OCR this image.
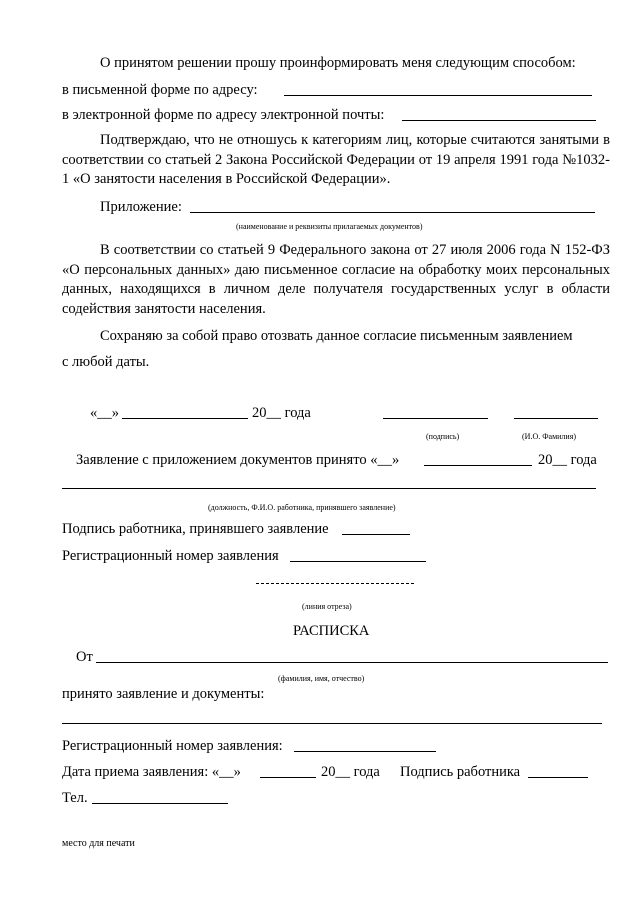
О принятом решении прошу проинформировать меня следующим способом:
в письменной форме по адресу:
в электронной форме по адресу электронной почты:
Подтверждаю, что не отношусь к категориям лиц, которые считаются занятыми в соответствии со статьей 2 Закона Российской Федерации от 19 апреля 1991 года №1032-1 «О занятости населения в Российской Федерации».
Приложение:
(наименование и реквизиты прилагаемых документов)
В соответствии со статьей 9 Федерального закона от 27 июля 2006 года N 152-ФЗ «О персональных данных» даю письменное согласие на обработку моих персональных данных, находящихся в личном деле получателя государственных услуг в области содействия занятости населения.
Сохраняю за собой право отозвать данное согласие письменным заявлением
с любой даты.
«__»	20__ года
(подпись)	(И.О. Фамилия)
Заявление с приложением документов принято «__»	20__ года
(должность, Ф.И.О. работника, принявшего заявление)
Подпись работника, принявшего заявление
Регистрационный номер заявления
(линия отреза)
РАСПИСКА
От
(фамилия, имя, отчество)
принято заявление и документы:
Регистрационный номер заявления:
Дата приема заявления: «__»	20__ года Подпись работника
Тел.
место для печати
